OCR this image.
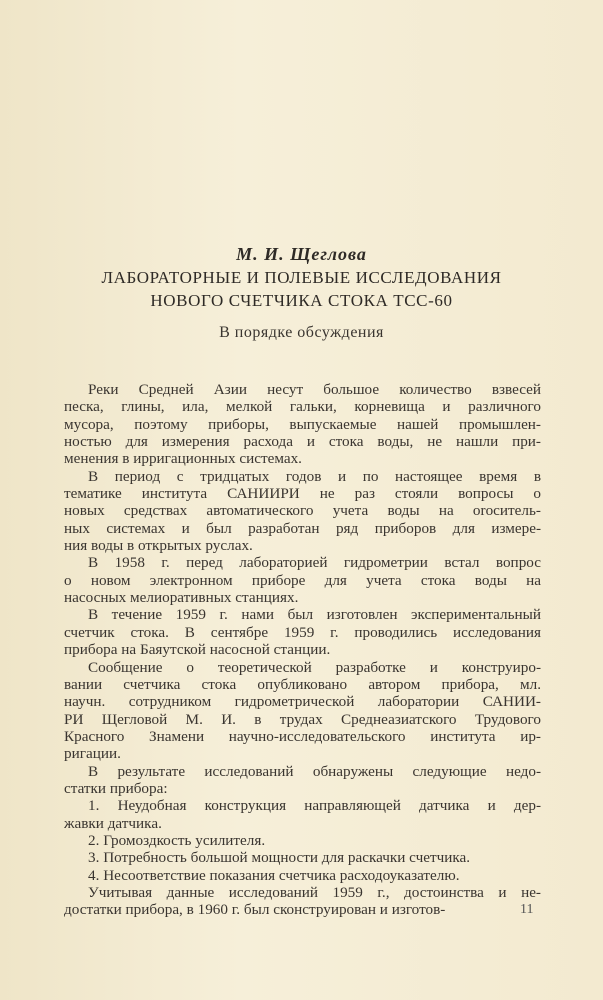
М. И. Щеглова
ЛАБОРАТОРНЫЕ И ПОЛЕВЫЕ ИССЛЕДОВАНИЯ
НОВОГО СЧЕТЧИКА СТОКА ТСС-60
В порядке обсуждения
Реки Средней Азии несут большое количество взвесей
песка, глины, ила, мелкой гальки, корневища и различного
мусора, поэтому приборы, выпускаемые нашей промышлен-
ностью для измерения расхода и стока воды, не нашли при-
менения в ирригационных системах.
В период с тридцатых годов и по настоящее время в
тематике института САНИИРИ не раз стояли вопросы о
новых средствах автоматического учета воды на оroситель-
ных системах и был разработан ряд приборов для измере-
ния воды в открытых руслах.
В 1958 г. перед лабораторией гидрометрии встал вопрос
о новом электронном приборе для учета стока воды на
насосных мелиоративных станциях.
В течение 1959 г. нами был изготовлен экспериментальный
счетчик стока. В сентябре 1959 г. проводились исследования
прибора на Баяутской насосной станции.
Сообщение о теоретической разработке и конструиро-
вании счетчика стока опубликовано автором прибора, мл.
научн. сотрудником гидрометрической лаборатории САНИИ-
РИ Щегловой М. И. в трудах Среднеазиатского Трудового
Красного Знамени научно-исследовательского института ир-
ригации.
В результате исследований обнаружены следующие недо-
статки прибора:
1. Неудобная конструкция направляющей датчика и дер-
жавки датчика.
2. Громоздкость усилителя.
3. Потребность большой мощности для раскачки счетчика.
4. Несоответствие показания счетчика расходоуказателю.
Учитывая данные исследований 1959 г., достоинства и не-
достатки прибора, в 1960 г. был сконструирован и изготов-	11
